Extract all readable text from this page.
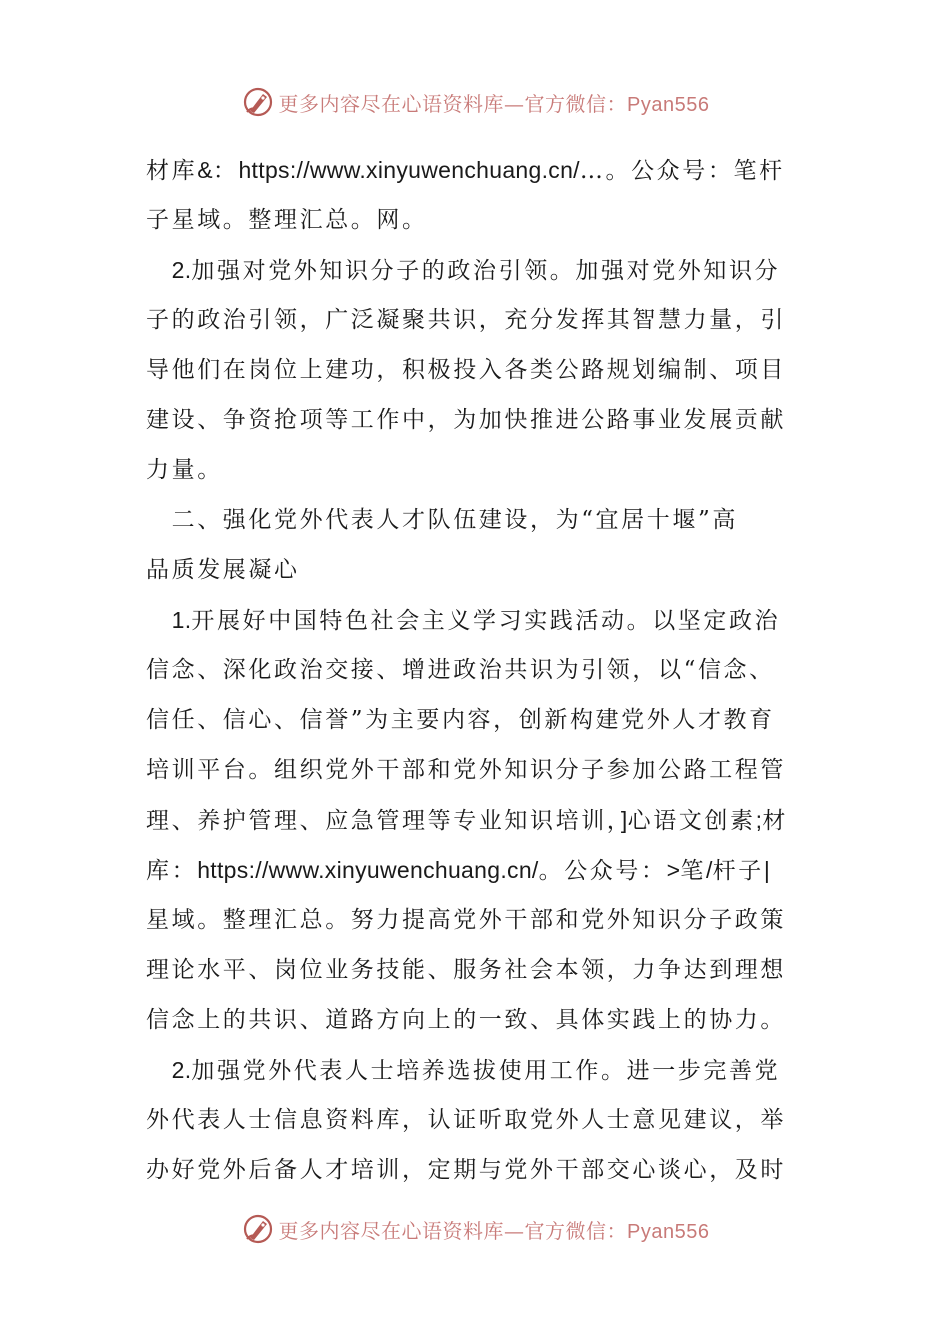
更多内容尽在心语资料库—官方微信：Pyan556
材库&：https://www.xinyuwenchuang.cn/…。公众号：笔杆
子星域。整理汇总。网。
　2.加强对党外知识分子的政治引领。加强对党外知识分
子的政治引领，广泛凝聚共识，充分发挥其智慧力量，引
导他们在岗位上建功，积极投入各类公路规划编制、项目
建设、争资抢项等工作中，为加快推进公路事业发展贡献
力量。
　二、强化党外代表人才队伍建设，为“宜居十堰”高
品质发展凝心
　1.开展好中国特色社会主义学习实践活动。以坚定政治
信念、深化政治交接、增进政治共识为引领，以“信念、
信任、信心、信誉”为主要内容，创新构建党外人才教育
培训平台。组织党外干部和党外知识分子参加公路工程管
理、养护管理、应急管理等专业知识培训，]心语文创素;材
库：https://www.xinyuwenchuang.cn/。公众号：>笔/杆子|
星域。整理汇总。努力提高党外干部和党外知识分子政策
理论水平、岗位业务技能、服务社会本领，力争达到理想
信念上的共识、道路方向上的一致、具体实践上的协力。
　2.加强党外代表人士培养选拔使用工作。进一步完善党
外代表人士信息资料库，认证听取党外人士意见建议，举
办好党外后备人才培训，定期与党外干部交心谈心，及时
更多内容尽在心语资料库—官方微信：Pyan556
